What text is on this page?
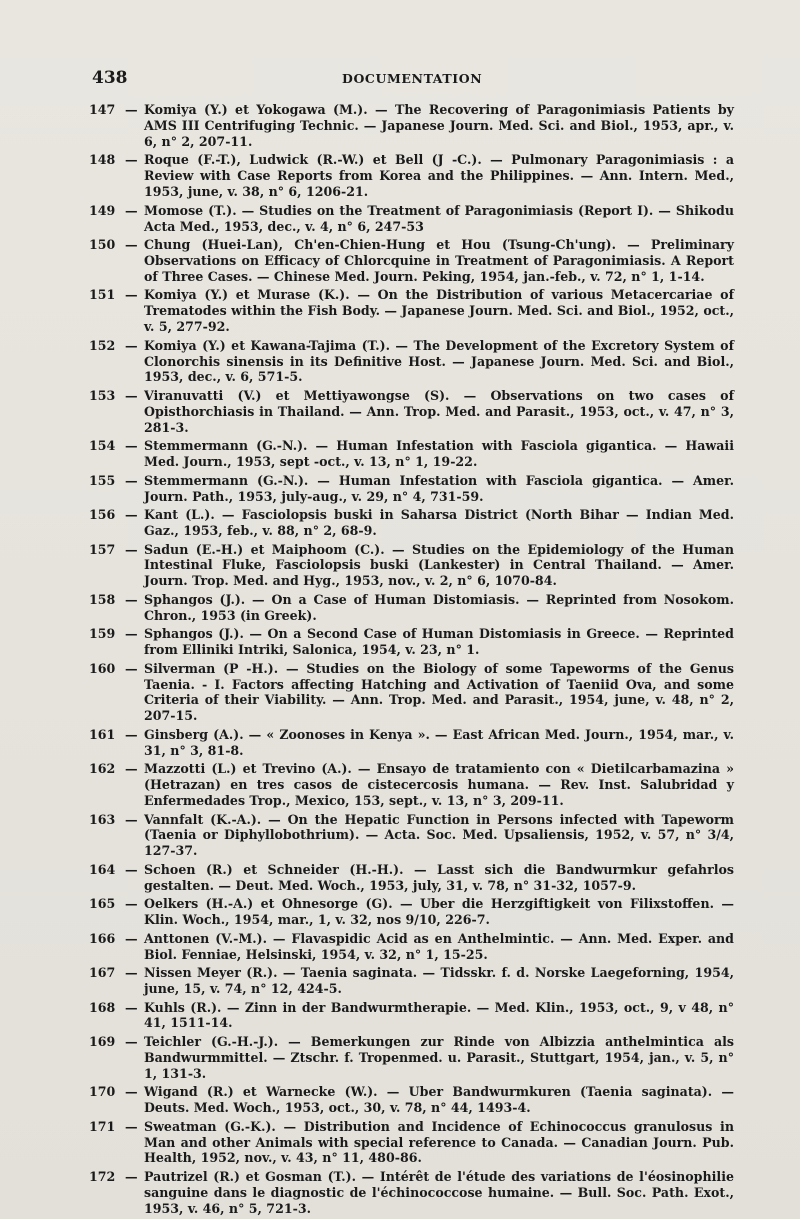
438	DOCUMENTATION
147 — Komiya (Y.) et Yokogawa (M.). — The Recovering of Paragonimiasis Patients by AMS III Centrifuging Technic. — Japanese Journ. Med. Sci. and Biol., 1953, apr., v. 6, n° 2, 207-11.
148 — Roque (F.-T.), Ludwick (R.-W.) et Bell (J -C.). — Pulmonary Paragonimiasis : a Review with Case Reports from Korea and the Philippines. — Ann. Intern. Med., 1953, june, v. 38, n° 6, 1206-21.
149 — Momose (T.). — Studies on the Treatment of Paragonimiasis (Report I). — Shikodu Acta Med., 1953, dec., v. 4, n° 6, 247-53
150 — Chung (Huei-Lan), Ch'en-Chien-Hung et Hou (Tsung-Ch'ung). — Preliminary Observations on Efficacy of Chlorcquine in Treatment of Paragonimiasis. A Report of Three Cases. — Chinese Med. Journ. Peking, 1954, jan.-feb., v. 72, n° 1, 1-14.
151 — Komiya (Y.) et Murase (K.). — On the Distribution of various Metacercariae of Trematodes within the Fish Body. — Japanese Journ. Med. Sci. and Biol., 1952, oct., v. 5, 277-92.
152 — Komiya (Y.) et Kawana-Tajima (T.). — The Development of the Excretory System of Clonorchis sinensis in its Definitive Host. — Japanese Journ. Med. Sci. and Biol., 1953, dec., v. 6, 571-5.
153 — Viranuvatti (V.) et Mettiyawongse (S). — Observations on two cases of Opisthorchiasis in Thailand. — Ann. Trop. Med. and Parasit., 1953, oct., v. 47, n° 3, 281-3.
154 — Stemmermann (G.-N.). — Human Infestation with Fasciola gigantica. — Hawaii Med. Journ., 1953, sept -oct., v. 13, n° 1, 19-22.
155 — Stemmermann (G.-N.). — Human Infestation with Fasciola gigantica. — Amer. Journ. Path., 1953, july-aug., v. 29, n° 4, 731-59.
156 — Kant (L.). — Fasciolopsis buski in Saharsa District (North Bihar — Indian Med. Gaz., 1953, feb., v. 88, n° 2, 68-9.
157 — Sadun (E.-H.) et Maiphoom (C.). — Studies on the Epidemiology of the Human Intestinal Fluke, Fasciolopsis buski (Lankester) in Central Thailand. — Amer. Journ. Trop. Med. and Hyg., 1953, nov., v. 2, n° 6, 1070-84.
158 — Sphangos (J.). — On a Case of Human Distomiasis. — Reprinted from Nosokom. Chron., 1953 (in Greek).
159 — Sphangos (J.). — On a Second Case of Human Distomiasis in Greece. — Reprinted from Elliniki Intriki, Salonica, 1954, v. 23, n° 1.
160 — Silverman (P -H.). — Studies on the Biology of some Tapeworms of the Genus Taenia. - I. Factors affecting Hatching and Activation of Taeniid Ova, and some Criteria of their Viability. — Ann. Trop. Med. and Parasit., 1954, june, v. 48, n° 2, 207-15.
161 — Ginsberg (A.). — « Zoonoses in Kenya ». — East African Med. Journ., 1954, mar., v. 31, n° 3, 81-8.
162 — Mazzotti (L.) et Trevino (A.). — Ensayo de tratamiento con « Dietilcarbamazina » (Hetrazan) en tres casos de cistecercosis humana. — Rev. Inst. Salubridad y Enfermedades Trop., Mexico, 153, sept., v. 13, n° 3, 209-11.
163 — Vannfalt (K.-A.). — On the Hepatic Function in Persons infected with Tapeworm (Taenia or Diphyllobothrium). — Acta. Soc. Med. Upsaliensis, 1952, v. 57, n° 3/4, 127-37.
164 — Schoen (R.) et Schneider (H.-H.). — Lasst sich die Bandwurmkur gefahrlos gestalten. — Deut. Med. Woch., 1953, july, 31, v. 78, n° 31-32, 1057-9.
165 — Oelkers (H.-A.) et Ohnesorge (G). — Uber die Herzgiftigkeit von Filixstoffen. — Klin. Woch., 1954, mar., 1, v. 32, nos 9/10, 226-7.
166 — Anttonen (V.-M.). — Flavaspidic Acid as en Anthelmintic. — Ann. Med. Exper. and Biol. Fenniae, Helsinski, 1954, v. 32, n° 1, 15-25.
167 — Nissen Meyer (R.). — Taenia saginata. — Tidsskr. f. d. Norske Laegeforning, 1954, june, 15, v. 74, n° 12, 424-5.
168 — Kuhls (R.). — Zinn in der Bandwurmtherapie. — Med. Klin., 1953, oct., 9, v 48, n° 41, 1511-14.
169 — Teichler (G.-H.-J.). — Bemerkungen zur Rinde von Albizzia anthelmintica als Bandwurmmittel. — Ztschr. f. Tropenmed. u. Parasit., Stuttgart, 1954, jan., v. 5, n° 1, 131-3.
170 — Wigand (R.) et Warnecke (W.). — Uber Bandwurmkuren (Taenia saginata). — Deuts. Med. Woch., 1953, oct., 30, v. 78, n° 44, 1493-4.
171 — Sweatman (G.-K.). — Distribution and Incidence of Echinococcus granulosus in Man and other Animals with special reference to Canada. — Canadian Journ. Pub. Health, 1952, nov., v. 43, n° 11, 480-86.
172 — Pautrizel (R.) et Gosman (T.). — Intérêt de l'étude des variations de l'éosinophilie sanguine dans le diagnostic de l'échinococcose humaine. — Bull. Soc. Path. Exot., 1953, v. 46, n° 5, 721-3.
